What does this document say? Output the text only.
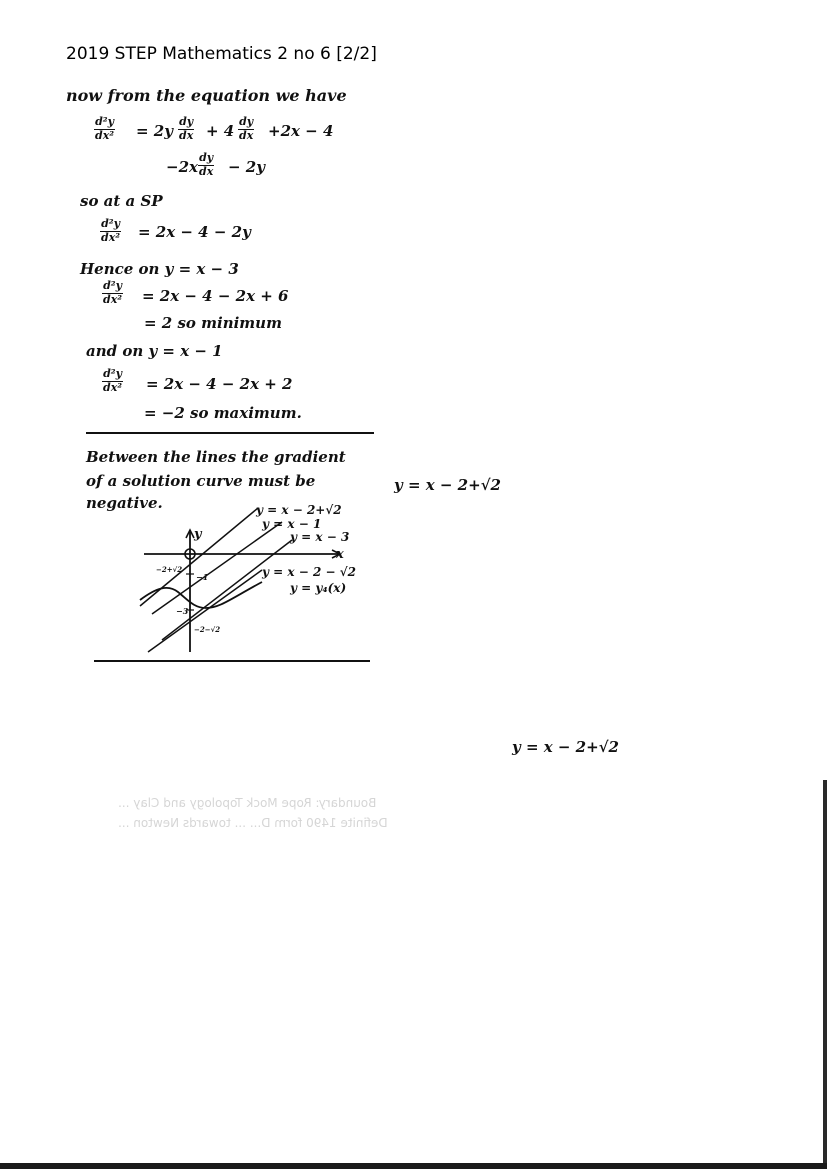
2019 STEP Mathematics 2 no 6 [2/2]
now from the equation we have
$\frac{\text{d²y}}{\text{dx²}} = 2y \frac{dy}{dx} + 4 \frac{dy}{dx} +2x - 4$
$-2x \frac{dy}{dx} - 2y$
so at a SP
$\frac{\text{d²y}}{\text{dx²}} = 2x - 4 - 2y$
Hence on y = x − 3
$\frac{\text{d²y}}{\text{dx²}} = 2x - 4 - 2x + 6$
= 2 so minimum
and on y = x − 1
$\frac{\text{d²y}}{\text{dx²}} = 2x - 4 - 2x + 2$
= −2 so maximum.
Between the lines the gradient
of a solution curve must be
negative.
y = x − 2+√2
y = x − 2+√2
x
y
y = x − 2+√2
y = x − 1
y = x − 3
y = x − 2 − √2
y = y₄(x)
−2+√2
−1
−3
−2−√2
Boundary: Rope Mock Topology and Clay ...
Definite 1490 form D... ... towards Newton ...
